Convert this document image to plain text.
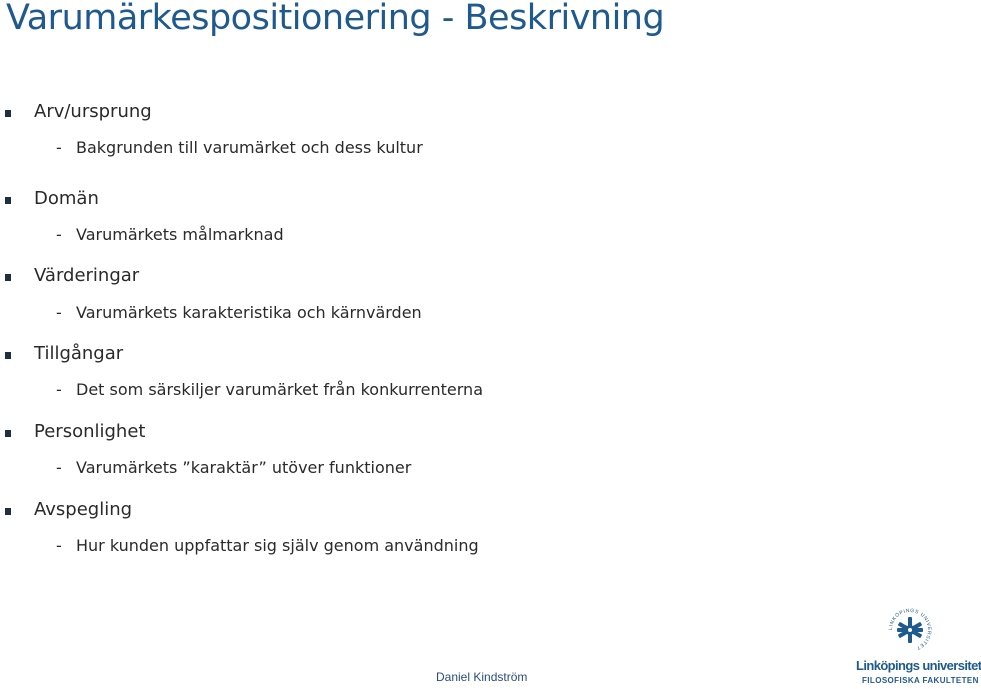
Varumärkespositionering - Beskrivning
Arv/ursprung
- Bakgrunden till varumärket och dess kultur
Domän
- Varumärkets målmarknad
Värderingar
- Varumärkets karakteristika och kärnvärden
Tillgångar
- Det som särskiljer varumärket från konkurrenterna
Personlighet
- Varumärkets ”karaktär” utöver funktioner
Avspegling
- Hur kunden uppfattar sig själv genom användning
Daniel Kindström
LINKÖPINGS UNIVERSITET
Linköpings universitet
FILOSOFISKA FAKULTETEN
